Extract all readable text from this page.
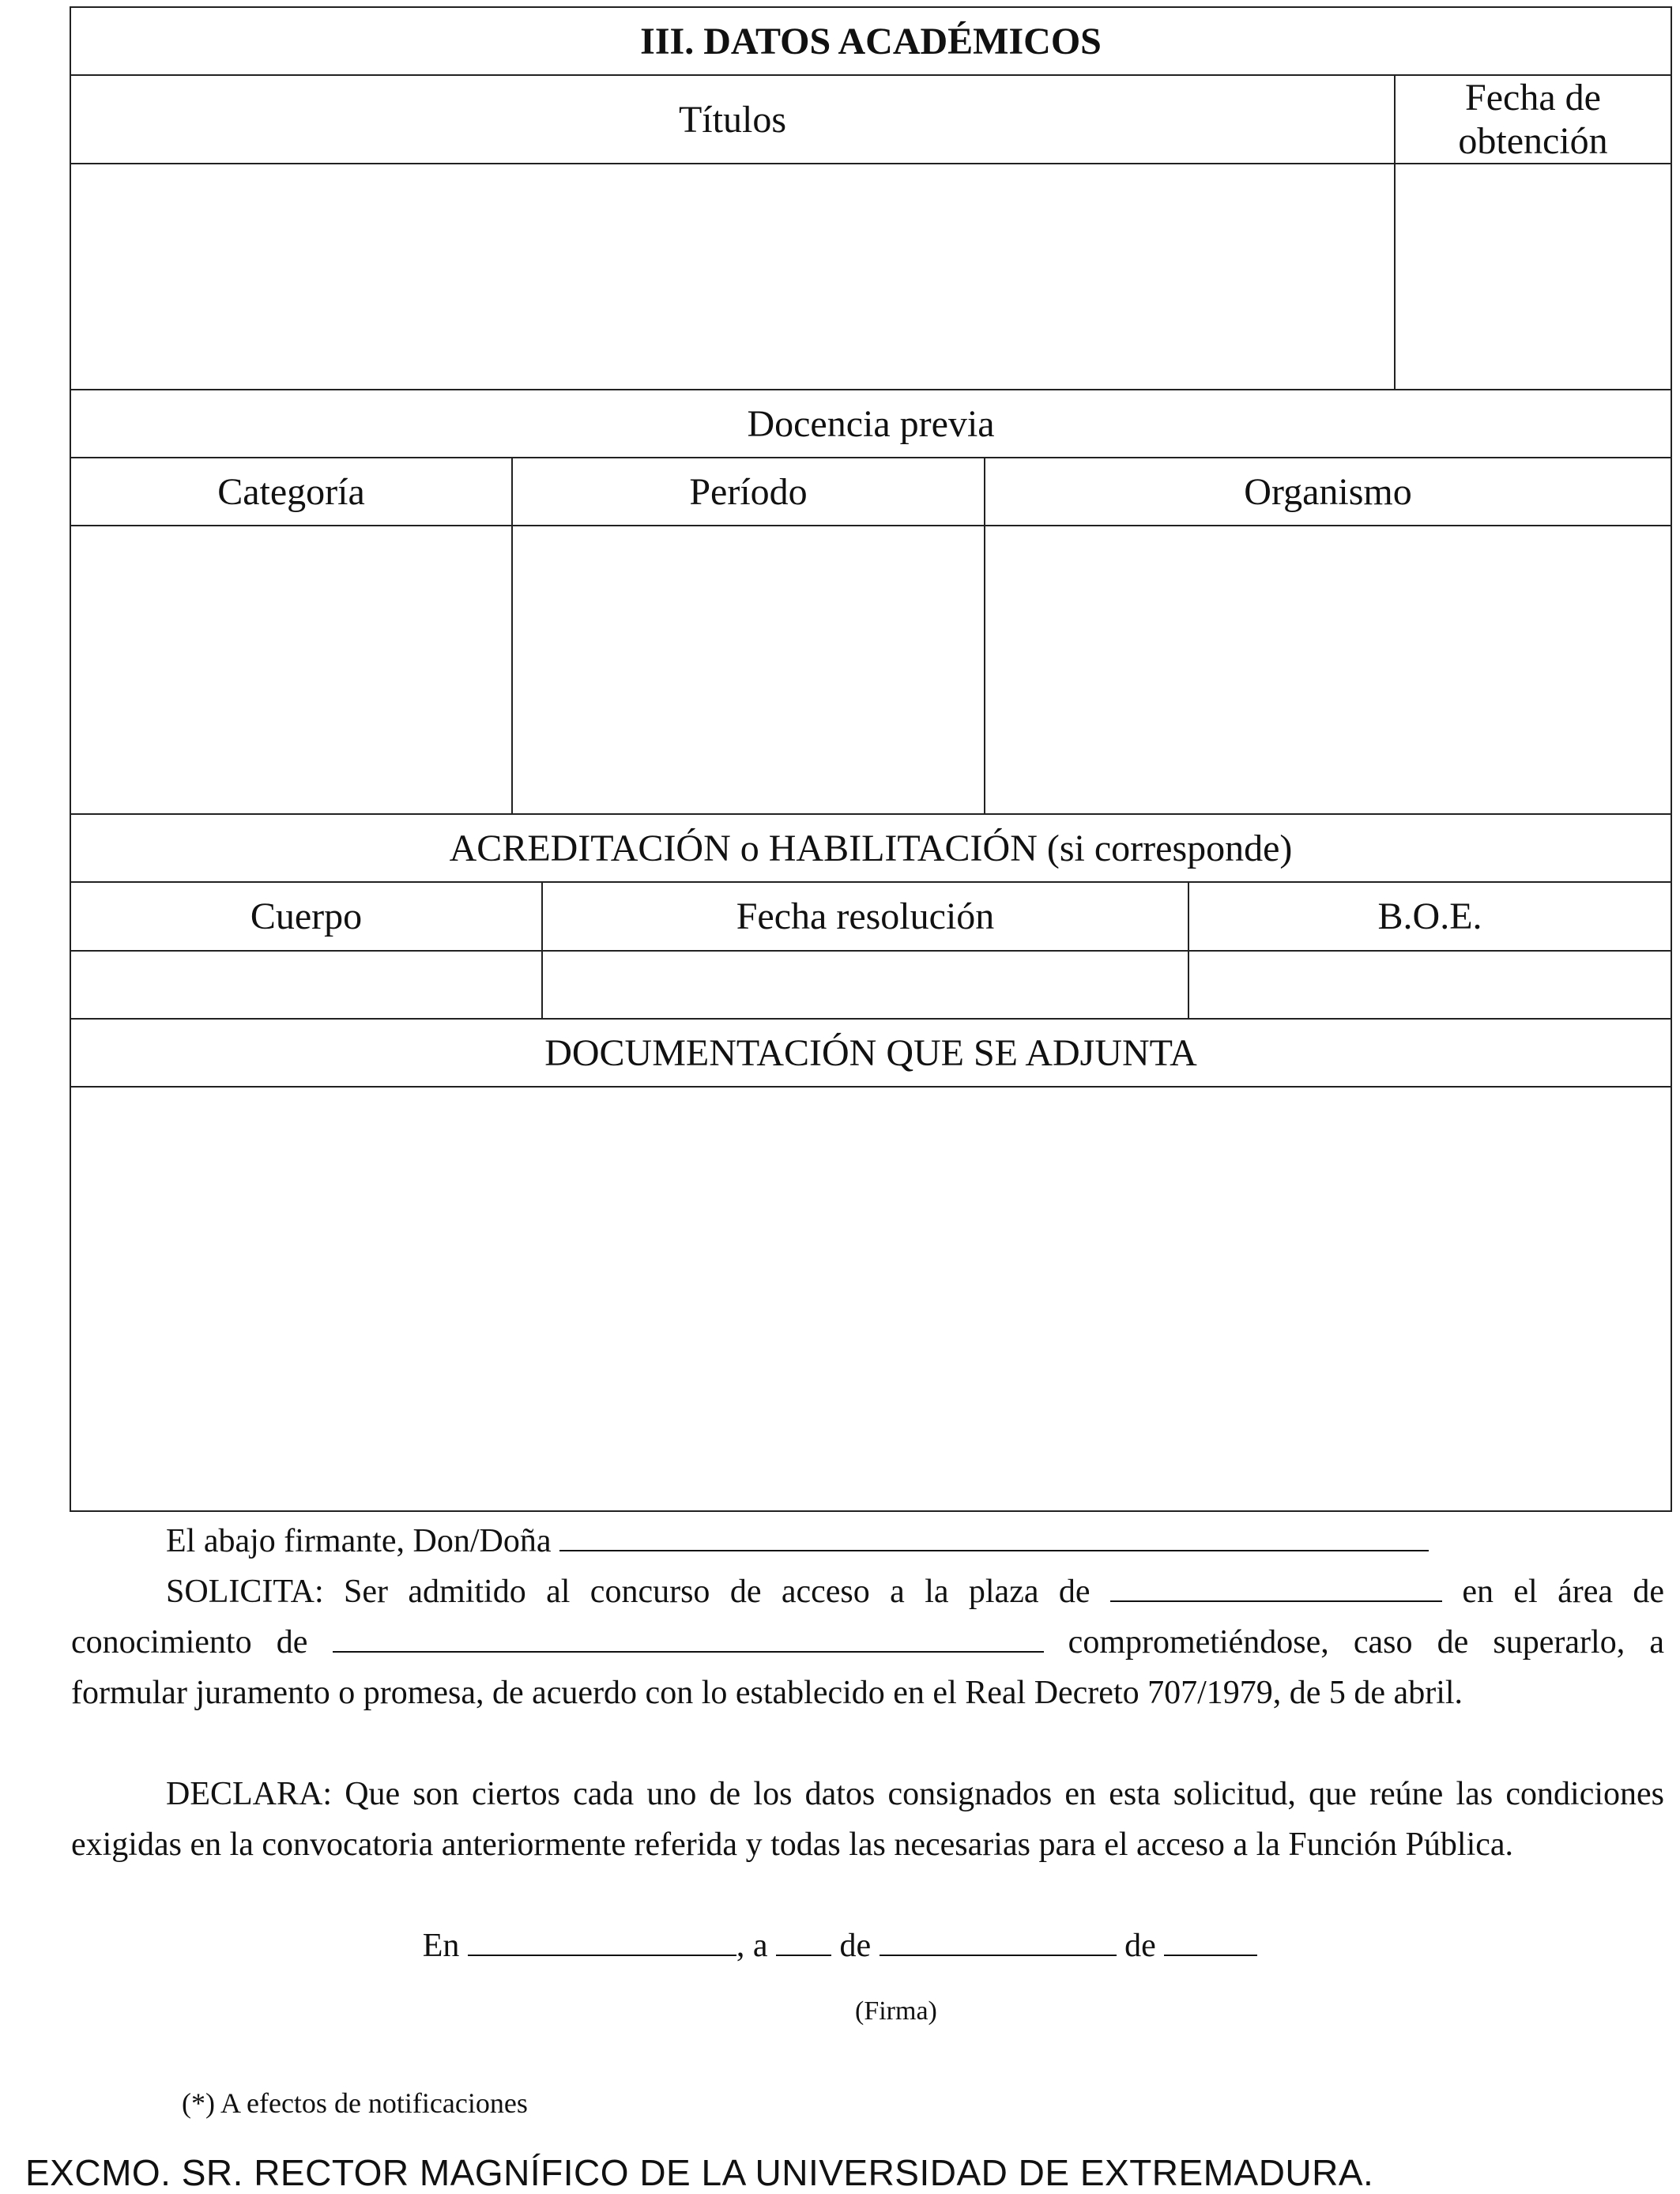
III. DATOS ACADÉMICOS					
Títulos					Fecha de obtención

Docencia previa					
Categoría	Período		Organismo		

ACREDITACIÓN o HABILITACIÓN (si corresponde)					
Cuerpo		Fecha resolución		B.O.E.	

DOCUMENTACIÓN QUE SE ADJUNTA					

El abajo firmante, Don/Doña

SOLICITA: Ser admitido al concurso de acceso a la plaza de	en el área de conocimiento de	comprometiéndose, caso de superarlo, a formular juramento o promesa, de acuerdo con lo establecido en el Real Decreto 707/1979, de 5 de abril.

DECLARA: Que son ciertos cada uno de los datos consignados en esta solicitud, que reúne las condiciones exigidas en la convocatoria anteriormente referida y todas las necesarias para el acceso a la Función Pública.

En	, a de	de
(Firma)
(*) A efectos de notificaciones
EXCMO. SR. RECTOR MAGNÍFICO DE LA UNIVERSIDAD DE EXTREMADURA.
